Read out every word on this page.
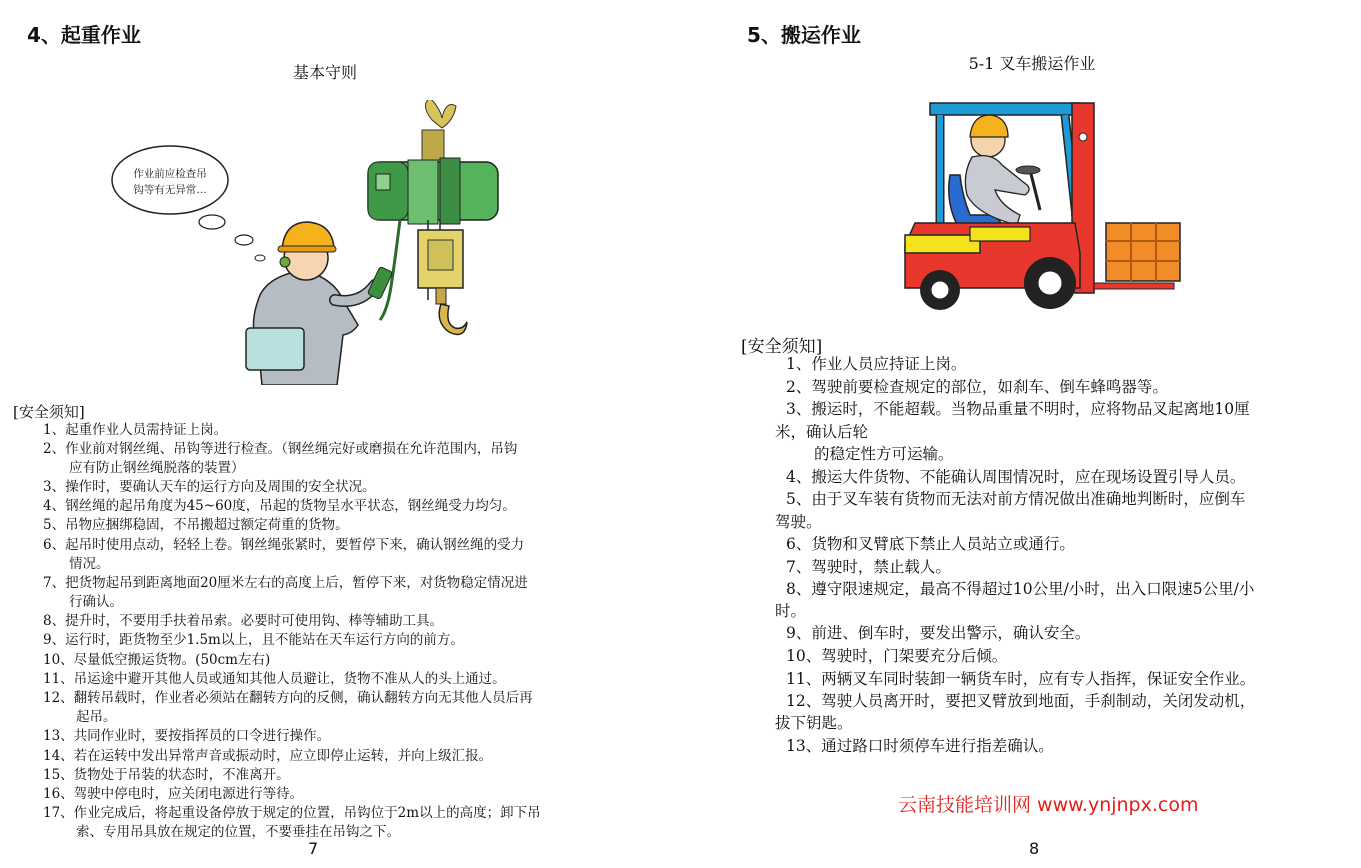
4、起重作业
基本守则
作业前应检查吊
钩等有无异常…
[安全须知]
1、起重作业人员需持证上岗。
2、作业前对钢丝绳、吊钩等进行检查。（钢丝绳完好或磨损在允许范围内，吊钩
应有防止钢丝绳脱落的装置）
3、操作时，要确认天车的运行方向及周围的安全状况。
4、钢丝绳的起吊角度为45~60度，吊起的货物呈水平状态，钢丝绳受力均匀。
5、吊物应捆绑稳固，不吊搬超过额定荷重的货物。
6、起吊时使用点动，轻轻上卷。钢丝绳张紧时，要暂停下来，确认钢丝绳的受力
情况。
7、把货物起吊到距离地面20厘米左右的高度上后，暂停下来，对货物稳定情况进
行确认。
8、提升时，不要用手扶着吊索。必要时可使用钩、棒等辅助工具。
9、运行时，距货物至少1.5m以上，且不能站在天车运行方向的前方。
10、尽量低空搬运货物。(50cm左右)
11、吊运途中避开其他人员或通知其他人员避让，货物不准从人的头上通过。
12、翻转吊载时，作业者必须站在翻转方向的反侧，确认翻转方向无其他人员后再
起吊。
13、共同作业时，要按指挥员的口令进行操作。
14、若在运转中发出异常声音或振动时，应立即停止运转，并向上级汇报。
15、货物处于吊装的状态时，不准离开。
16、驾驶中停电时，应关闭电源进行等待。
17、作业完成后，将起重设备停放于规定的位置，吊钩位于2m以上的高度；卸下吊
索、专用吊具放在规定的位置，不要垂挂在吊钩之下。
7
5、搬运作业
5-1 叉车搬运作业
[安全须知]
1、作业人员应持证上岗。
2、驾驶前要检查规定的部位，如刹车、倒车蜂鸣器等。
3、搬运时，不能超载。当物品重量不明时，应将物品叉起离地10厘
米，确认后轮
的稳定性方可运输。
4、搬运大件货物、不能确认周围情况时，应在现场设置引导人员。
5、由于叉车装有货物而无法对前方情况做出准确地判断时，应倒车
驾驶。
6、货物和叉臂底下禁止人员站立或通行。
7、驾驶时，禁止载人。
8、遵守限速规定，最高不得超过10公里/小时，出入口限速5公里/小
时。
9、前进、倒车时，要发出警示，确认安全。
10、驾驶时，门架要充分后倾。
11、两辆叉车同时装卸一辆货车时，应有专人指挥，保证安全作业。
12、驾驶人员离开时，要把叉臂放到地面，手刹制动，关闭发动机，
拔下钥匙。
13、通过路口时须停车进行指差确认。
云南技能培训网 www.ynjnpx.com
8
